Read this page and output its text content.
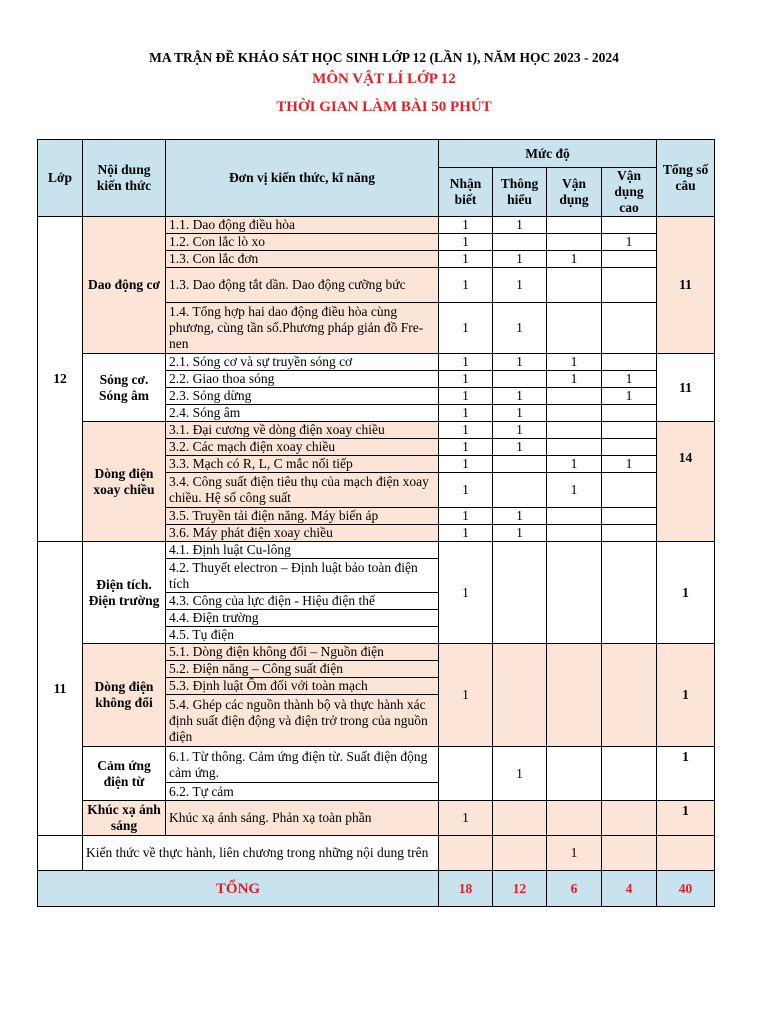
MA TRẬN ĐỀ KHẢO SÁT HỌC SINH LỚP 12 (LẦN 1), NĂM HỌC 2023 - 2024
MÔN VẬT LÍ LỚP 12
THỜI GIAN LÀM BÀI 50 PHÚT
Lớp	Nội dung kiến thức	Đơn vị kiến thức, kĩ năng	Mức độ				Tổng số câu
			Nhận biết	Thông hiểu	Vận dụng	Vận dụng cao	
12	Dao động cơ	1.1. Dao động điều hòa	1	1			11
		1.2. Con lắc lò xo	1			1	
		1.3. Con lắc đơn	1	1	1		
		1.3. Dao động tắt dần. Dao động cưỡng bức	1	1			
		1.4. Tổng hợp hai dao động điều hòa cùng phương, cùng tần số.Phương pháp giản đồ Fre-nen	1	1			
	Sóng cơ. Sóng âm	2.1. Sóng cơ và sự truyền sóng cơ	1	1	1		11
		2.2. Giao thoa sóng	1		1	1	
		2.3. Sóng dừng	1	1		1	
		2.4. Sóng âm	1	1			
	Dòng điện xoay chiều	3.1. Đại cương về dòng điện xoay chiều	1	1			14
		3.2. Các mạch điện xoay chiều	1	1			
		3.3. Mạch có R, L, C mắc nối tiếp	1		1	1	
		3.4. Công suất điện tiêu thụ của mạch điện xoay chiều. Hệ số công suất	1		1		
		3.5. Truyền tải điện năng. Máy biến áp	1	1			
		3.6. Máy phát điện xoay chiều	1	1			
11	Điện tích. Điện trường	4.1. Định luật Cu-lông	1				1
		4.2. Thuyết electron – Định luật bảo toàn điện tích					
		4.3. Công của lực điện - Hiệu điện thế					
		4.4. Điện trường					
		4.5. Tụ điện					
	Dòng điện không đổi	5.1. Dòng điện không đổi – Nguồn điện	1				1
		5.2. Điện năng – Công suất điện					
		5.3. Định luật Ôm đối với toàn mạch					
		5.4. Ghép các nguồn thành bộ và thực hành xác định suất điện động và điện trở trong của nguồn điện					
	Cảm ứng điện từ	6.1. Từ thông. Cảm ứng điện từ. Suất điện động cảm ứng.		1			1
		6.2. Tự cảm					
	Khúc xạ ánh sáng	Khúc xạ ánh sáng. Phản xạ toàn phần	1				1
	Kiến thức về thực hành, liên chương trong những nội dung trên				1		
TỔNG			18	12	6	4	40
